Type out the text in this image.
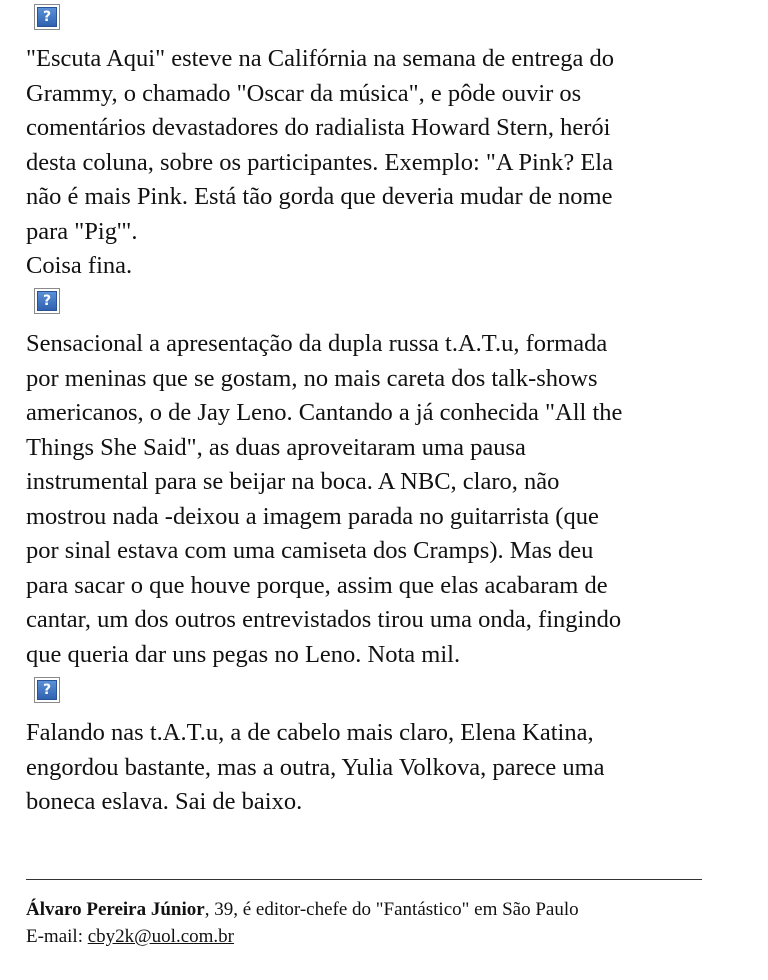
?

"Escuta Aqui" esteve na Califórnia na semana de entrega do
Grammy, o chamado "Oscar da música", e pôde ouvir os
comentários devastadores do radialista Howard Stern, herói
desta coluna, sobre os participantes. Exemplo: "A Pink? Ela
não é mais Pink. Está tão gorda que deveria mudar de nome
para "Pig'".
Coisa fina.

?

Sensacional a apresentação da dupla russa t.A.T.u, formada
por meninas que se gostam, no mais careta dos talk-shows
americanos, o de Jay Leno. Cantando a já conhecida "All the
Things She Said", as duas aproveitaram uma pausa
instrumental para se beijar na boca. A NBC, claro, não
mostrou nada -deixou a imagem parada no guitarrista (que
por sinal estava com uma camiseta dos Cramps). Mas deu
para sacar o que houve porque, assim que elas acabaram de
cantar, um dos outros entrevistados tirou uma onda, fingindo
que queria dar uns pegas no Leno. Nota mil.

?

Falando nas t.A.T.u, a de cabelo mais claro, Elena Katina,
engordou bastante, mas a outra, Yulia Volkova, parece uma
boneca eslava. Sai de baixo.

Álvaro Pereira Júnior, 39, é editor-chefe do "Fantástico" em São Paulo
E-mail: cby2k@uol.com.br
